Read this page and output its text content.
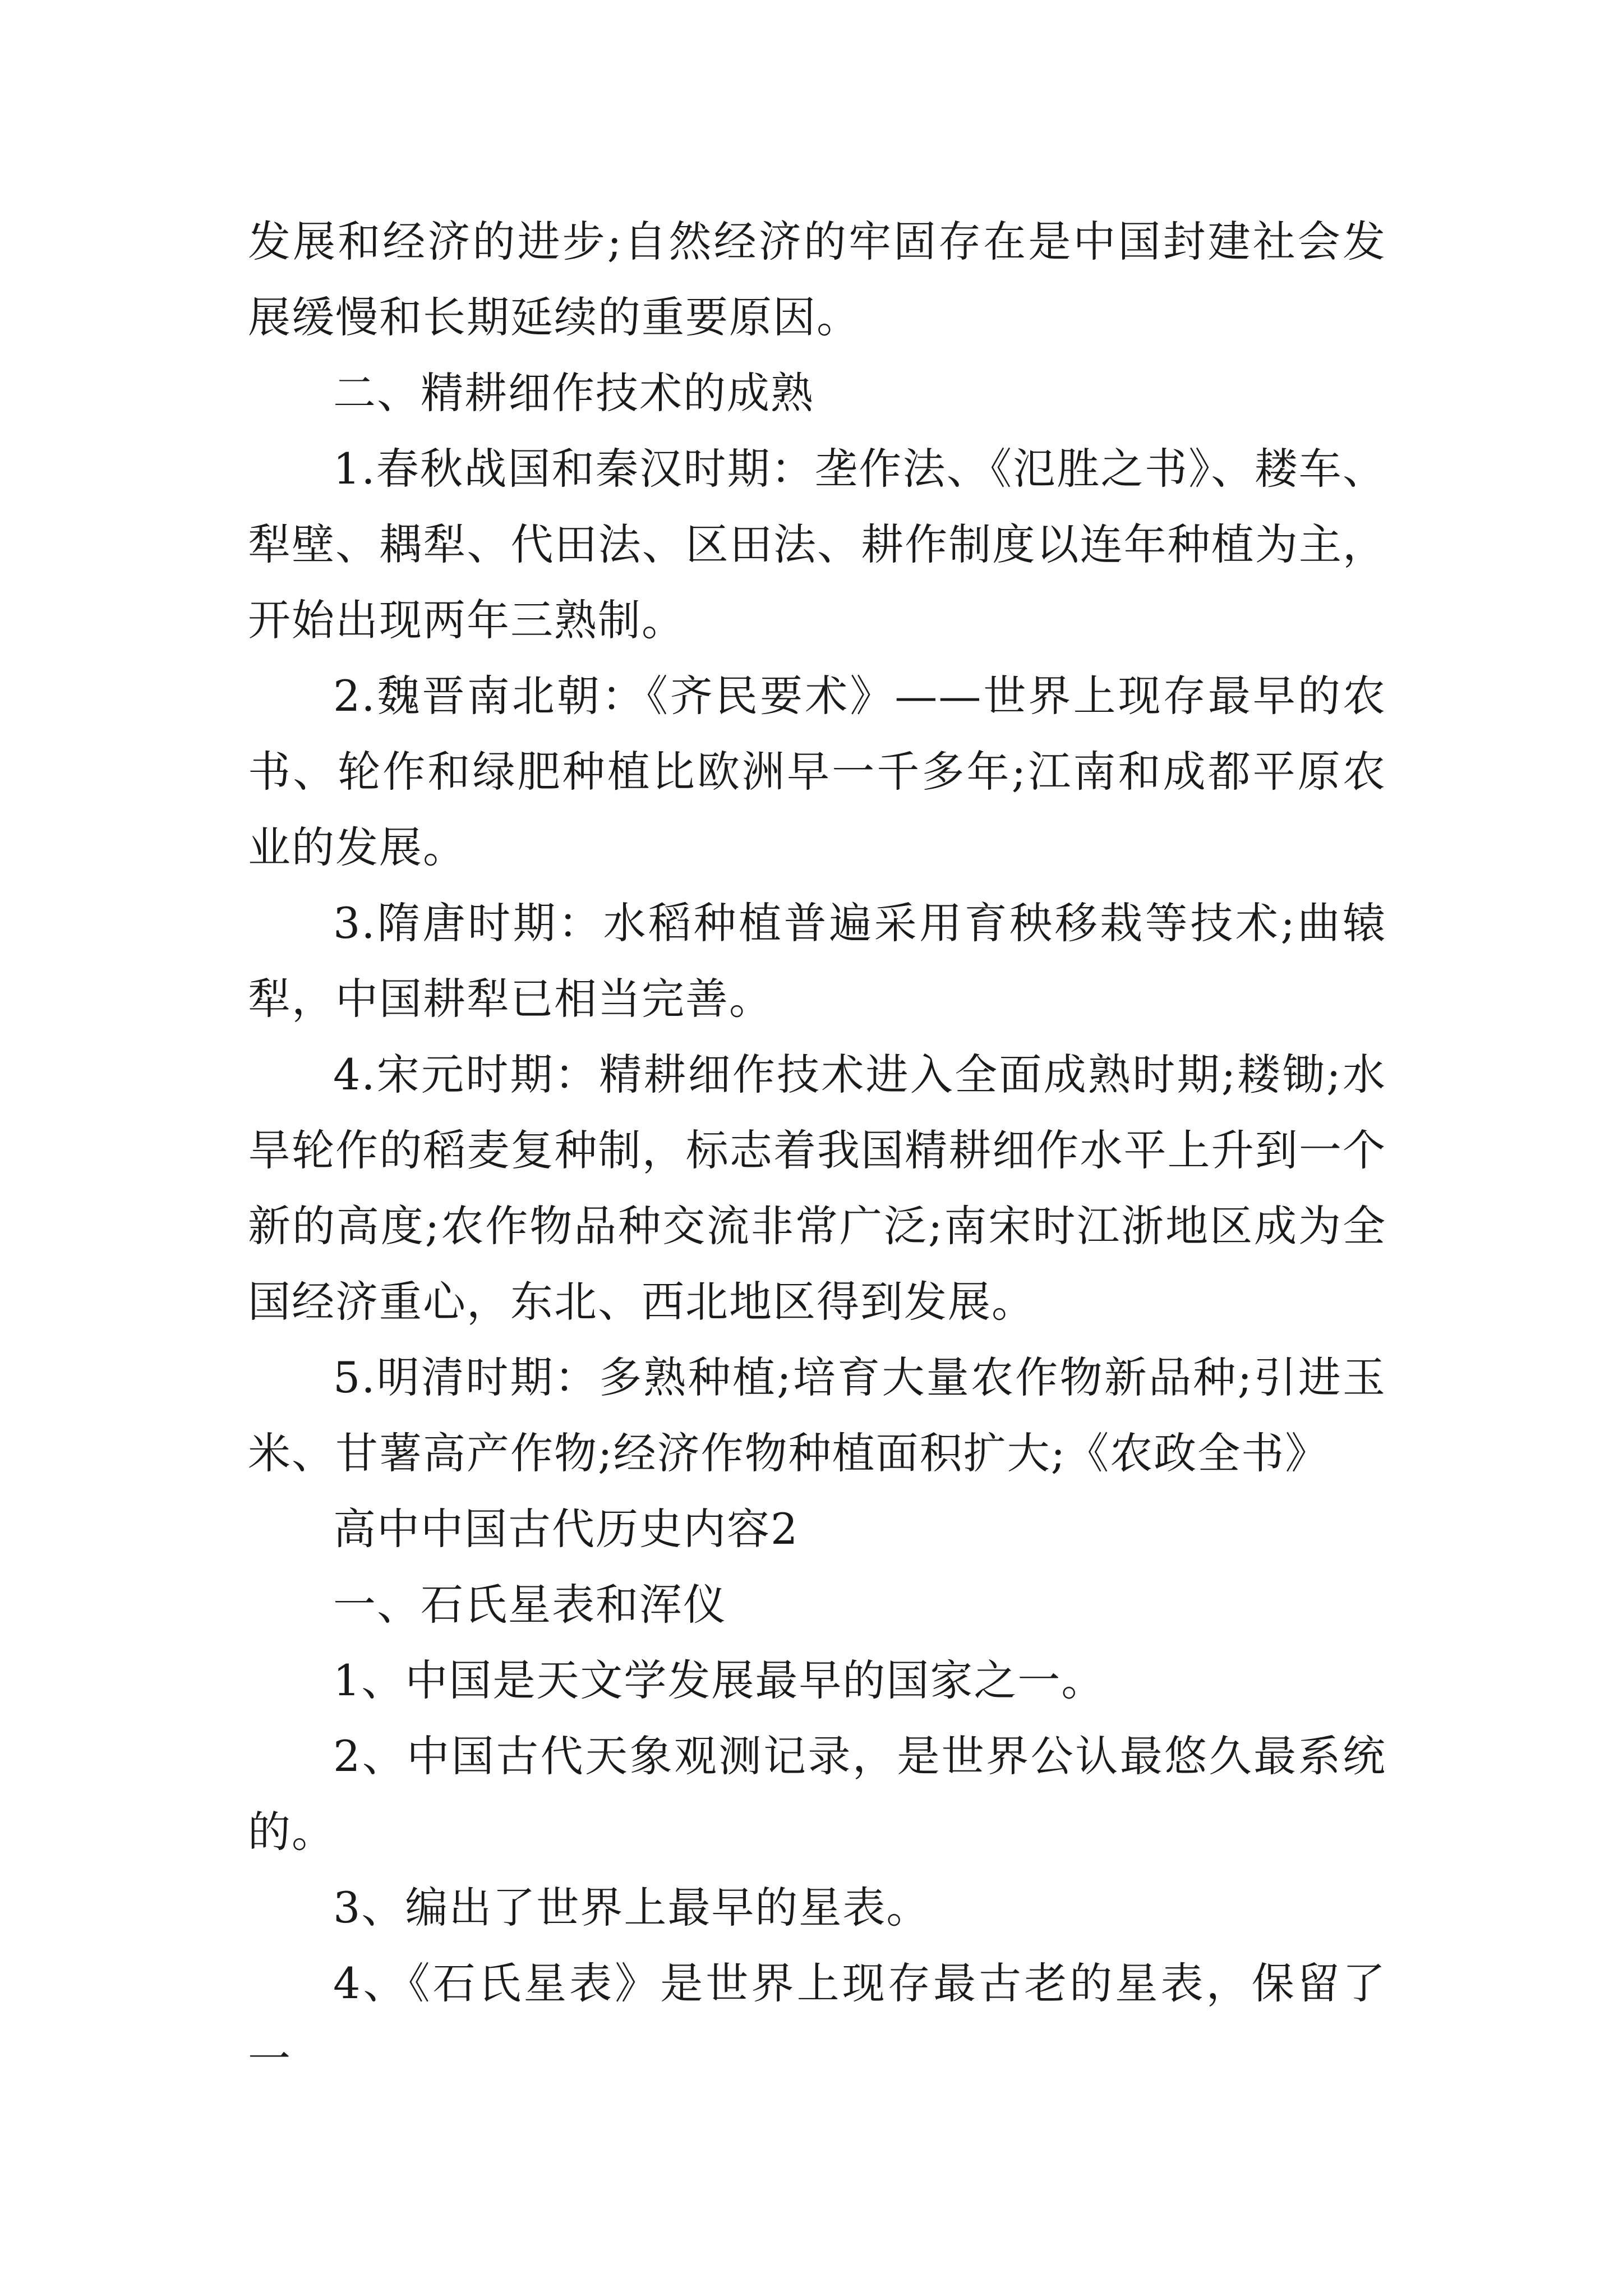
发展和经济的进步;自然经济的牢固存在是中国封建社会发展缓慢和长期延续的重要原因。

二、精耕细作技术的成熟

1.春秋战国和秦汉时期：垄作法、《氾胜之书》、耧车、犁壁、耦犁、代田法、区田法、耕作制度以连年种植为主，开始出现两年三熟制。

2.魏晋南北朝：《齐民要术》——世界上现存最早的农书、轮作和绿肥种植比欧洲早一千多年;江南和成都平原农业的发展。

3.隋唐时期：水稻种植普遍采用育秧移栽等技术;曲辕犁，中国耕犁已相当完善。

4.宋元时期：精耕细作技术进入全面成熟时期;耧锄;水旱轮作的稻麦复种制，标志着我国精耕细作水平上升到一个新的高度;农作物品种交流非常广泛;南宋时江浙地区成为全国经济重心，东北、西北地区得到发展。

5.明清时期：多熟种植;培育大量农作物新品种;引进玉米、甘薯高产作物;经济作物种植面积扩大;《农政全书》

高中中国古代历史内容2

一、石氏星表和浑仪

1、中国是天文学发展最早的国家之一。

2、中国古代天象观测记录，是世界公认最悠久最系统的。

3、编出了世界上最早的星表。

4、《石氏星表》是世界上现存最古老的星表，保留了一
